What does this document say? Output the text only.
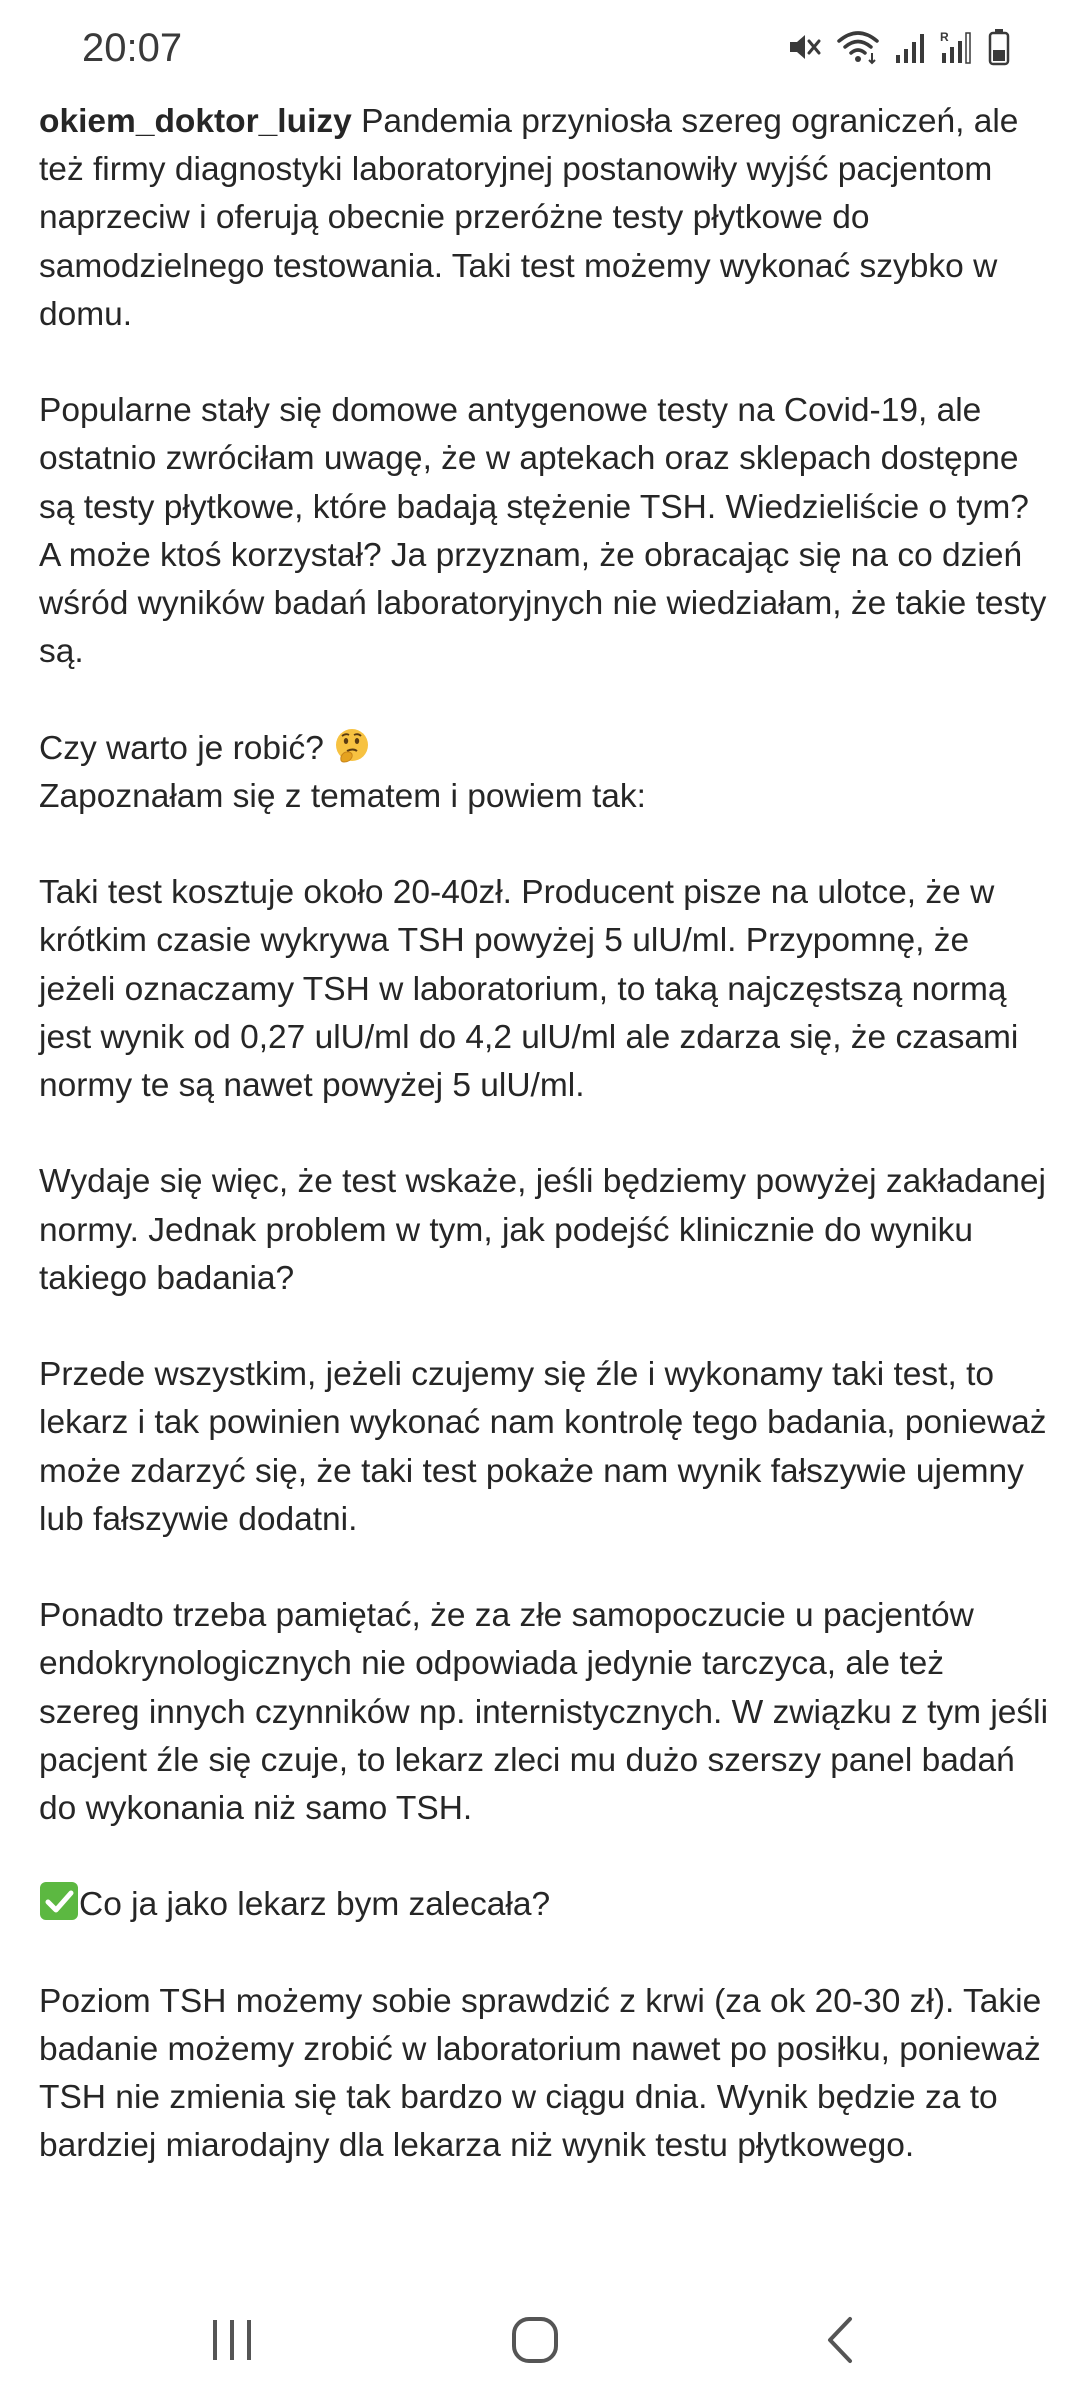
20:07	R

okiem_doktor_luizy Pandemia przyniosła szereg ograniczeń, ale też firmy diagnostyki laboratoryjnej postanowiły wyjść pacjentom naprzeciw i oferują obecnie przeróżne testy płytkowe do samodzielnego testowania. Taki test możemy wykonać szybko w domu.

Popularne stały się domowe antygenowe testy na Covid-19, ale ostatnio zwróciłam uwagę, że w aptekach oraz sklepach dostępne są testy płytkowe, które badają stężenie TSH. Wiedzieliście o tym? A może ktoś korzystał? Ja przyznam, że obracając się na co dzień wśród wyników badań laboratoryjnych nie wiedziałam, że takie testy są.

Czy warto je robić?

Zapoznałam się z tematem i powiem tak:

Taki test kosztuje około 20-40zł. Producent pisze na ulotce, że w krótkim czasie wykrywa TSH powyżej 5 ulU/ml. Przypomnę, że jeżeli oznaczamy TSH w laboratorium, to taką najczęstszą normą jest wynik od 0,27 ulU/ml do 4,2 ulU/ml ale zdarza się, że czasami normy te są nawet powyżej 5 ulU/ml.

Wydaje się więc, że test wskaże, jeśli będziemy powyżej zakładanej normy. Jednak problem w tym, jak podejść klinicznie do wyniku takiego badania?

Przede wszystkim, jeżeli czujemy się źle i wykonamy taki test, to lekarz i tak powinien wykonać nam kontrolę tego badania, ponieważ może zdarzyć się, że taki test pokaże nam wynik fałszywie ujemny lub fałszywie dodatni.

Ponadto trzeba pamiętać, że za złe samopoczucie u pacjentów endokrynologicznych nie odpowiada jedynie tarczyca, ale też szereg innych czynników np. internistycznych. W związku z tym jeśli pacjent źle się czuje, to lekarz zleci mu dużo szerszy panel badań do wykonania niż samo TSH.

Co ja jako lekarz bym zalecała?

Poziom TSH możemy sobie sprawdzić z krwi (za ok 20-30 zł). Takie badanie możemy zrobić w laboratorium nawet po posiłku, ponieważ TSH nie zmienia się tak bardzo w ciągu dnia. Wynik będzie za to bardziej miarodajny dla lekarza niż wynik testu płytkowego.
